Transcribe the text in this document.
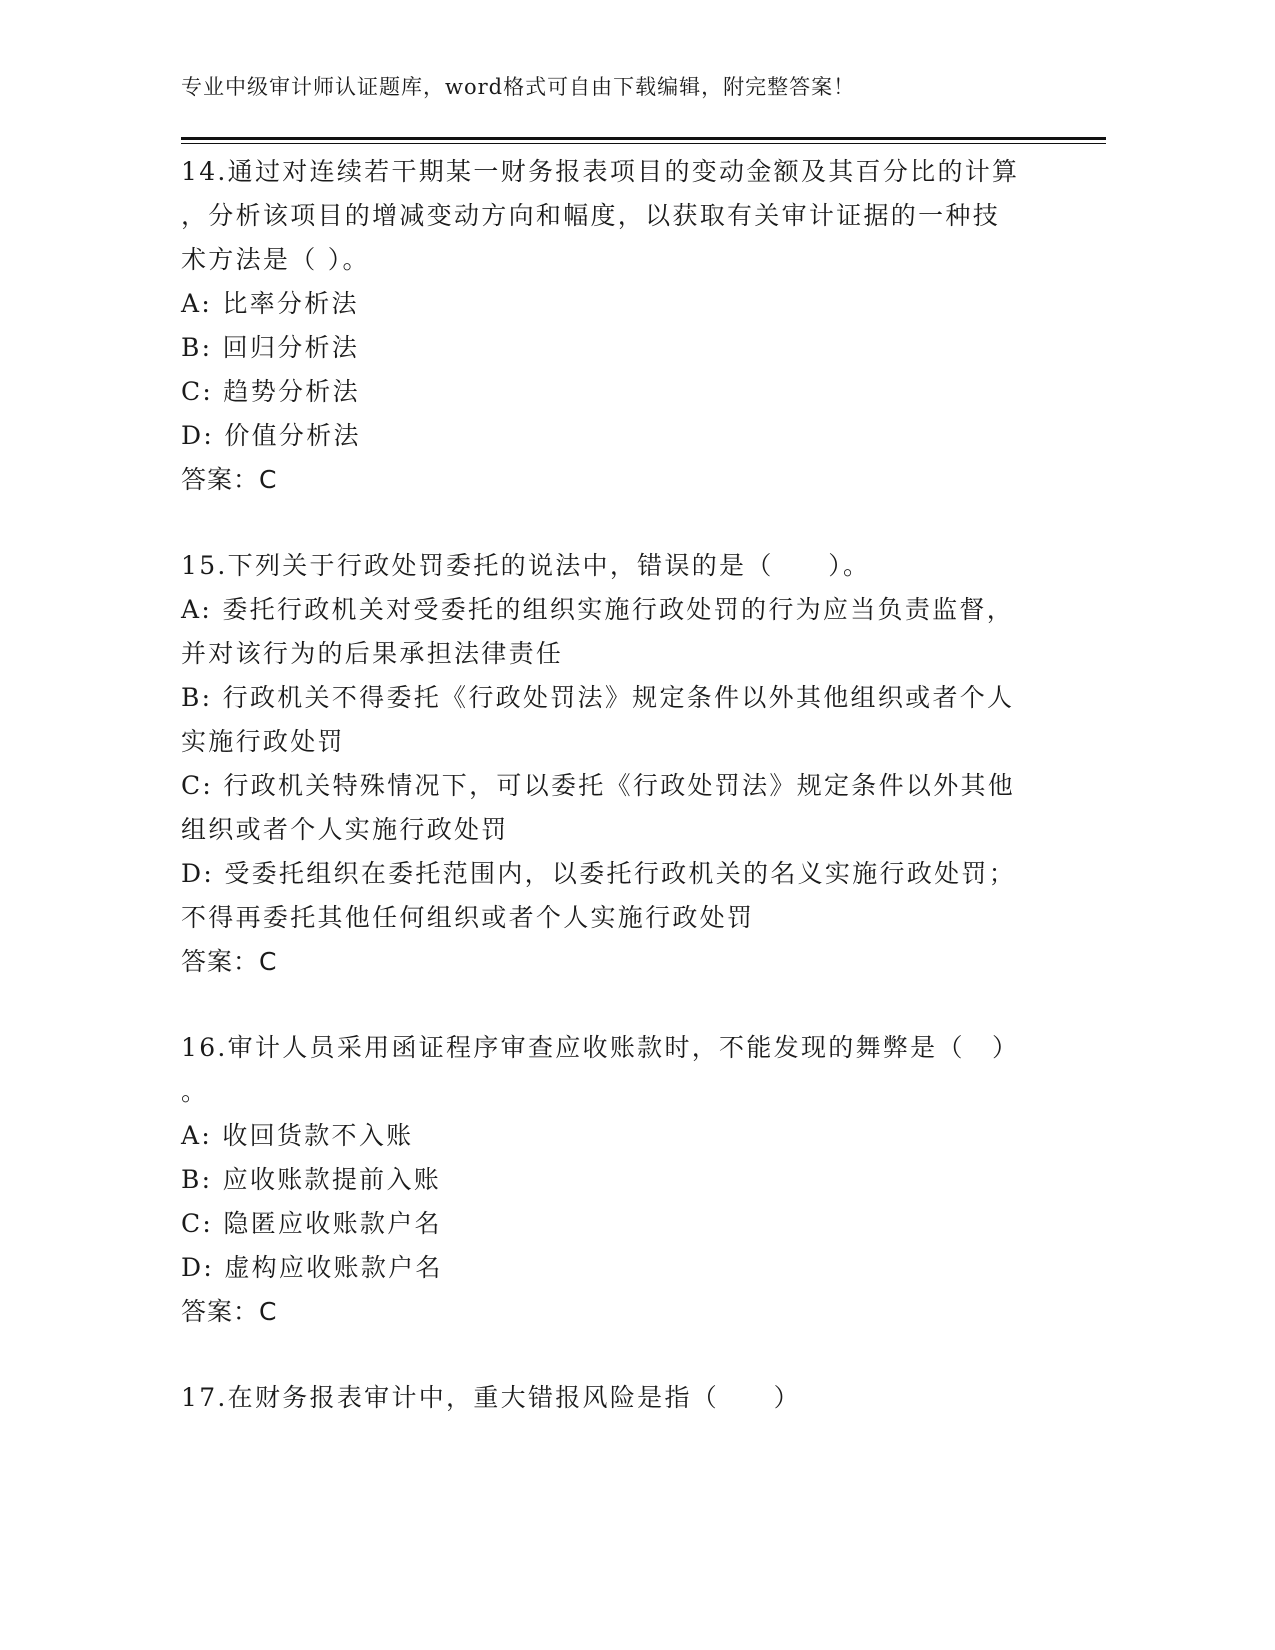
专业中级审计师认证题库，word格式可自由下载编辑，附完整答案！
14.通过对连续若干期某一财务报表项目的变动金额及其百分比的计算
，分析该项目的增减变动方向和幅度，以获取有关审计证据的一种技
术方法是（ ）。
A: 比率分析法
B: 回归分析法
C: 趋势分析法
D: 价值分析法
答案：C
15.下列关于行政处罚委托的说法中，错误的是（　　）。
A: 委托行政机关对受委托的组织实施行政处罚的行为应当负责监督，
并对该行为的后果承担法律责任
B: 行政机关不得委托《行政处罚法》规定条件以外其他组织或者个人
实施行政处罚
C: 行政机关特殊情况下，可以委托《行政处罚法》规定条件以外其他
组织或者个人实施行政处罚
D: 受委托组织在委托范围内，以委托行政机关的名义实施行政处罚；
不得再委托其他任何组织或者个人实施行政处罚
答案：C
16.审计人员采用函证程序审查应收账款时，不能发现的舞弊是（　）
。
A: 收回货款不入账
B: 应收账款提前入账
C: 隐匿应收账款户名
D: 虚构应收账款户名
答案：C
17.在财务报表审计中，重大错报风险是指（　　）
